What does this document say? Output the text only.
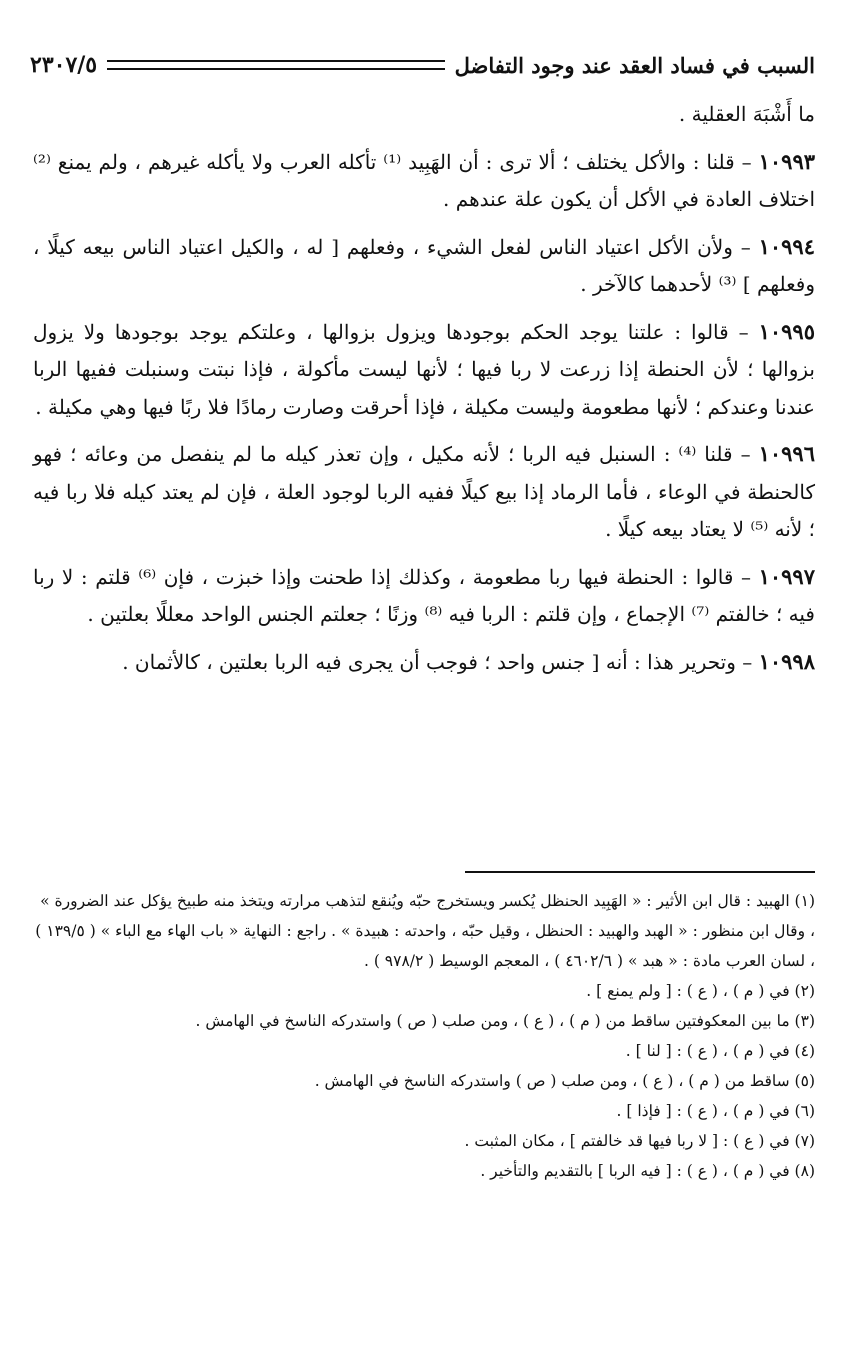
السبب في فساد العقد عند وجود التفاضل
٢٣٠٧/٥

ما أَشْبَهَ العقلية .

١٠٩٩٣ – قلنا : والأكل يختلف ؛ ألا ترى : أن الهَبِيد ⁽¹⁾ تأكله العرب ولا يأكله غيرهم ، ولم يمنع ⁽²⁾ اختلاف العادة في الأكل أن يكون علة عندهم .

١٠٩٩٤ – ولأن الأكل اعتياد الناس لفعل الشيء ، وفعلهم [ له ، والكيل اعتياد الناس بيعه كيلًا ، وفعلهم ] ⁽³⁾ لأحدهما كالآخر .

١٠٩٩٥ – قالوا : علتنا يوجد الحكم بوجودها ويزول بزوالها ، وعلتكم يوجد بوجودها ولا يزول بزوالها ؛ لأن الحنطة إذا زرعت لا ربا فيها ؛ لأنها ليست مأكولة ، فإذا نبتت وسنبلت ففيها الربا عندنا وعندكم ؛ لأنها مطعومة وليست مكيلة ، فإذا أحرقت وصارت رمادًا فلا ربًا فيها وهي مكيلة .

١٠٩٩٦ – قلنا ⁽⁴⁾ : السنبل فيه الربا ؛ لأنه مكيل ، وإن تعذر كيله ما لم ينفصل من وعائه ؛ فهو كالحنطة في الوعاء ، فأما الرماد إذا بيع كيلًا ففيه الربا لوجود العلة ، فإن لم يعتد كيله فلا ربا فيه ؛ لأنه ⁽⁵⁾ لا يعتاد بيعه كيلًا .

١٠٩٩٧ – قالوا : الحنطة فيها ربا مطعومة ، وكذلك إذا طحنت وإذا خبزت ، فإن ⁽⁶⁾ قلتم : لا ربا فيه ؛ خالفتم ⁽⁷⁾ الإجماع ، وإن قلتم : الربا فيه ⁽⁸⁾ وزنًا ؛ جعلتم الجنس الواحد معللًا بعلتين .

١٠٩٩٨ – وتحرير هذا : أنه [ جنس واحد ؛ فوجب أن يجرى فيه الربا بعلتين ، كالأثمان .

(١) الهبيد : قال ابن الأثير : « الهَبِيد الحنظل يُكسر ويستخرج حبّه ويُنقع لتذهب مرارته ويتخذ منه طبيخ يؤكل عند الضرورة » ، وقال ابن منظور : « الهبد والهبيد : الحنظل ، وقيل حبّه ، واحدته : هبيدة » . راجع : النهاية « باب الهاء مع الباء » ( ١٣٩/٥ ) ، لسان العرب مادة : « هبد » ( ٤٦٠٢/٦ ) ، المعجم الوسيط ( ٩٧٨/٢ ) .

(٢) في ( م ) ، ( ع ) : [ ولم يمنع ] .

(٣) ما بين المعكوفتين ساقط من ( م ) ، ( ع ) ، ومن صلب ( ص ) واستدركه الناسخ في الهامش .

(٤) في ( م ) ، ( ع ) : [ لنا ] .

(٥) ساقط من ( م ) ، ( ع ) ، ومن صلب ( ص ) واستدركه الناسخ في الهامش .

(٦) في ( م ) ، ( ع ) : [ فإذا ] .

(٧) في ( ع ) : [ لا ربا فيها قد خالفتم ] ، مكان المثبت .

(٨) في ( م ) ، ( ع ) : [ فيه الربا ] بالتقديم والتأخير .
